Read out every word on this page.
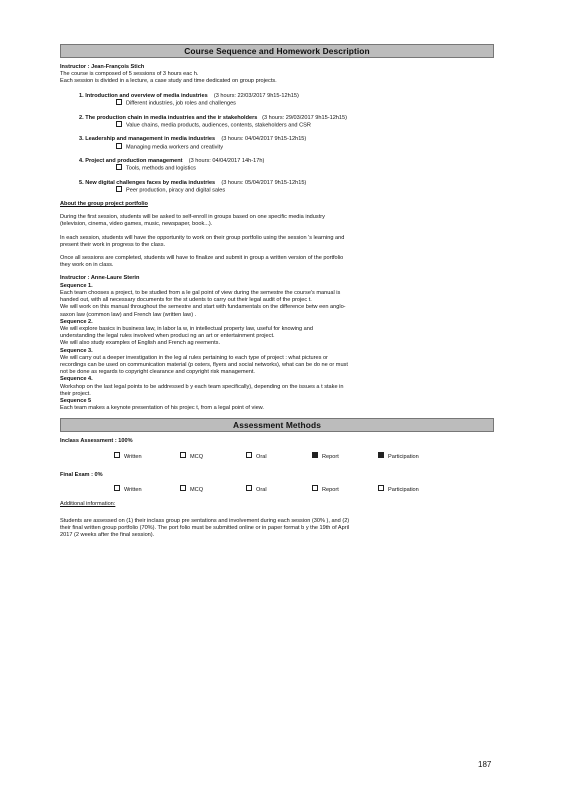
Course Sequence and Homework Description

Instructor : Jean-François Stich

The course is composed of 5 sessions of 3 hours eac h.

Each session is divided in a lecture, a case study and time dedicated on group projects.

1. Introduction and overview of media industries (3 hours: 22/03/2017 9h15-12h15)
Different industries, job roles and challenges
2. The production chain in media industries and the ir stakeholders (3 hours: 29/03/2017 9h15-12h15)
Value chains, media products, audiences, contents, stakeholders and CSR
3. Leadership and management in media industries (3 hours: 04/04/2017 9h15-12h15)
Managing media workers and creativity
4. Project and production management (3 hours: 04/04/2017 14h-17h)
Tools, methods and logistics
5. New digital challenges faces by media industries (3 hours: 05/04/2017 9h15-12h15)
Peer production, piracy and digital sales

About the group project portfolio

During the first session, students will be asked to self-enroll in groups based on one specific media industry
(television, cinema, video games, music, newspaper, book...).

In each session, students will have the opportunity to work on their group portfolio using the session 's learning and
present their work in progress to the class.

Once all sessions are completed, students will have to finalize and submit in group a written version of the portfolio
they work on in class.

Instructor : Anne-Laure Sterin

Sequence 1.

Each team chooses a project, to be studied from a le gal point of view during the semestre the course's manual is

handed out, with all necessary documents for the st udents to carry out their legal audit of the projec t.

We will work on this manual throughout the semestre and start with fundamentals on the difference betw een anglo-

saxon law (common law) and French law (written law) .

Sequence 2.

We will explore basics in business law, in labor la w, in intellectual property law, useful for knowing and

understanding the legal rules involved when produci ng an art or entertainment project.

We will also study examples of English and French ag reements.

Sequence 3.

We will carry out a deeper investigation in the leg al rules pertaining to each type of project : what pictures or

recordings can be used on communication material (p osters, flyers and social networks), what can be do ne or must

not be done as regards to copyright clearance and copyright risk management.

Sequence 4.

Workshop on the last legal points to be addressed b y each team specifically), depending on the issues a t stake in

their project.

Sequence 5

Each team makes a keynote presentation of his projec t, from a legal point of view.

Assessment Methods

Inclass Assessment : 100%

Written	MCQ	Oral	Report	Participation

Final Exam : 0%

Written	MCQ	Oral	Report	Participation

Additional information:

Students are assessed on (1) their inclass group pre sentations and involvement during each session (30% ), and (2)

their final written group portfolio (70%). The port folio must be submitted online or in paper format b y the 19th of April

2017 (2 weeks after the final session).

187
